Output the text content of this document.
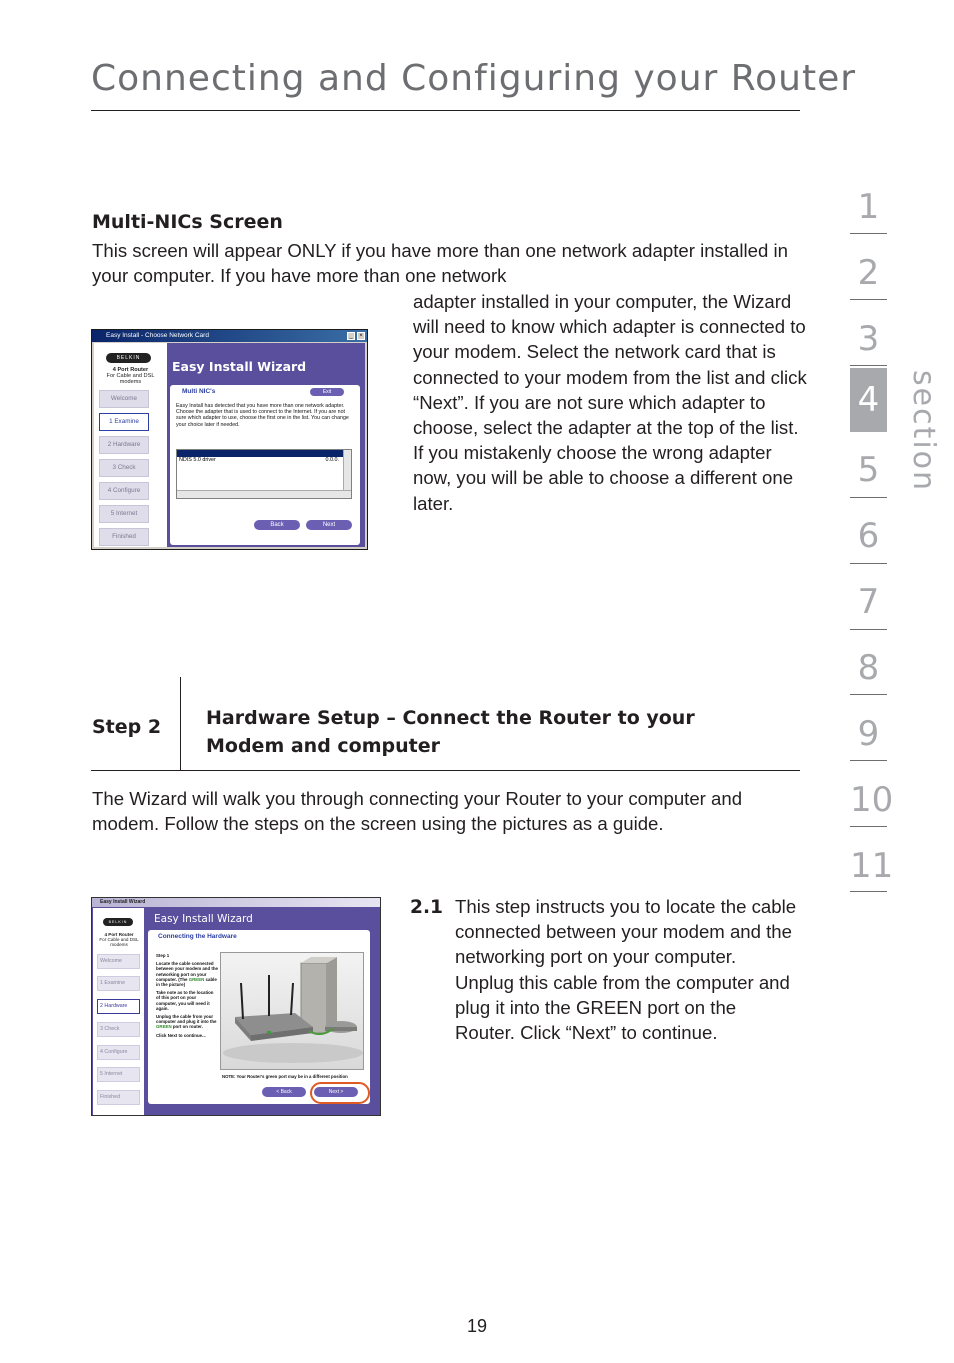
Connecting and Configuring your Router
Multi-NICs Screen
This screen will appear ONLY if you have more than one network adapter installed in your computer. If you have more than one network
adapter installed in your computer, the Wizard will need to know which adapter is connected to your modem. Select the network card that is connected to your modem from the list and click “Next”. If you are not sure which adapter to choose, select the adapter at the top of the list. If you mistakenly choose the wrong adapter now, you will be able to choose a different one later.
Easy Install - Choose Network Card	_	×
BELKIN
4 Port Router
For Cable and DSL modems
Welcome
1 Examine
2 Hardware
3 Check
4 Configure
5 Internet
Finished
Easy Install Wizard
Multi NIC's	Exit
Easy Install has detected that you have more than one network adapter. Choose the adapter that is used to connect to the Internet. If you are not sure which adapter to use, choose the first one in the list. You can change your choice later if needed.
NDIS 5.0 driver	0.0.0.
Back	Next
Step 2 Hardware Setup – Connect the Router to your Modem and computer
The Wizard will walk you through connecting your Router to your computer and modem. Follow the steps on the screen using the pictures as a guide.
Easy Install Wizard
BELKIN
4 Port Router
For Cable and DSL modems
Welcome
1 Examine
2 Hardware
3 Check
4 Configure
5 Internet
Finished
Easy Install Wizard
Connecting the Hardware
Step 1
Locate the cable connected between your modem and the networking port on your computer. (The GREEN cable in the picture)
Take note as to the location of this port on your computer, you will need it again.
Unplug the cable from your computer and plug it into the GREEN port on router.
Click Next to continue...
NOTE: Your Router's green port may be in a different position
< Back	Next >
2.1 This step instructs you to locate the cable connected between your modem and the networking port on your computer. Unplug this cable from the computer and plug it into the GREEN port on the Router. Click “Next” to continue.
19
section
1
2
3
4
5
6
7
8
9
10
11
